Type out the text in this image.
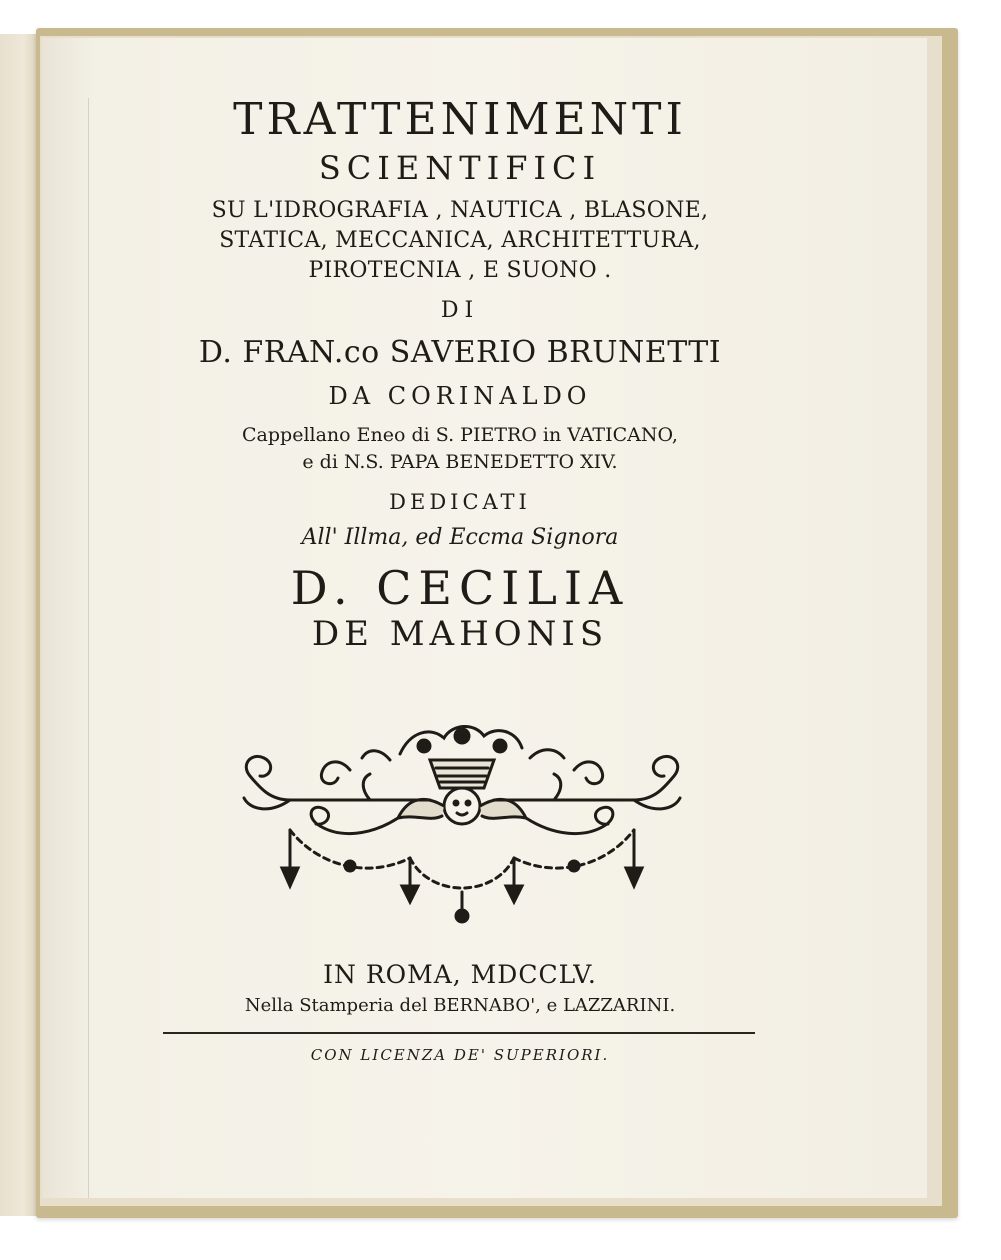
TRATTENIMENTI
SCIENTIFICI
SU L'IDROGRAFIA , NAUTICA , BLASONE,
STATICA, MECCANICA, ARCHITETTURA,
PIROTECNIA , E SUONO .
DI
D. FRAN.co SAVERIO BRUNETTI
DA CORINALDO
Cappellano Eneo di S. PIETRO in VATICANO,
e di N.S. PAPA BENEDETTO XIV.
DEDICATI
All' Illma, ed Eccma Signora
D. CECILIA
DE MAHONIS
IN ROMA, MDCCLV.
Nella Stamperia del BERNABO', e LAZZARINI.
CON LICENZA DE' SUPERIORI.
